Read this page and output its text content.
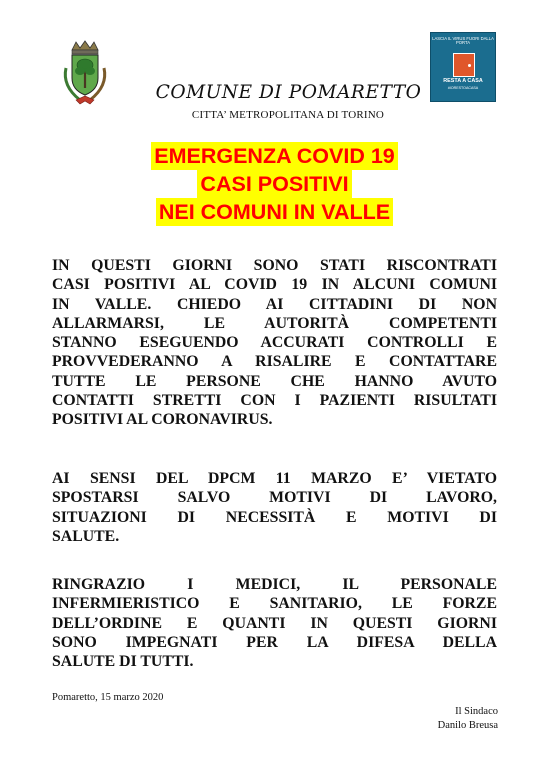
LASCIA IL VIRUS FUORI DALLA PORTA
RESTA A CASA
#IORESTOACASA
COMUNE DI POMARETTO
CITTA’ METROPOLITANA DI TORINO
EMERGENZA COVID 19
CASI POSITIVI
NEI COMUNI IN VALLE
IN QUESTI GIORNI SONO STATI RISCONTRATI
CASI POSITIVI AL COVID 19 IN ALCUNI COMUNI
IN VALLE. CHIEDO AI CITTADINI DI NON
ALLARMARSI, LE AUTORITÀ COMPETENTI
STANNO ESEGUENDO ACCURATI CONTROLLI E
PROVVEDERANNO A RISALIRE E CONTATTARE
TUTTE LE PERSONE CHE HANNO AVUTO
CONTATTI STRETTI CON I PAZIENTI RISULTATI
POSITIVI AL CORONAVIRUS.
AI SENSI DEL DPCM 11 MARZO E’ VIETATO
SPOSTARSI SALVO MOTIVI DI LAVORO,
SITUAZIONI DI NECESSITÀ E MOTIVI DI
SALUTE.
RINGRAZIO I MEDICI, IL PERSONALE
INFERMIERISTICO E SANITARIO, LE FORZE
DELL’ORDINE E QUANTI IN QUESTI GIORNI
SONO IMPEGNATI PER LA DIFESA DELLA
SALUTE DI TUTTI.
Pomaretto, 15 marzo 2020
Il Sindaco
Danilo Breusa
